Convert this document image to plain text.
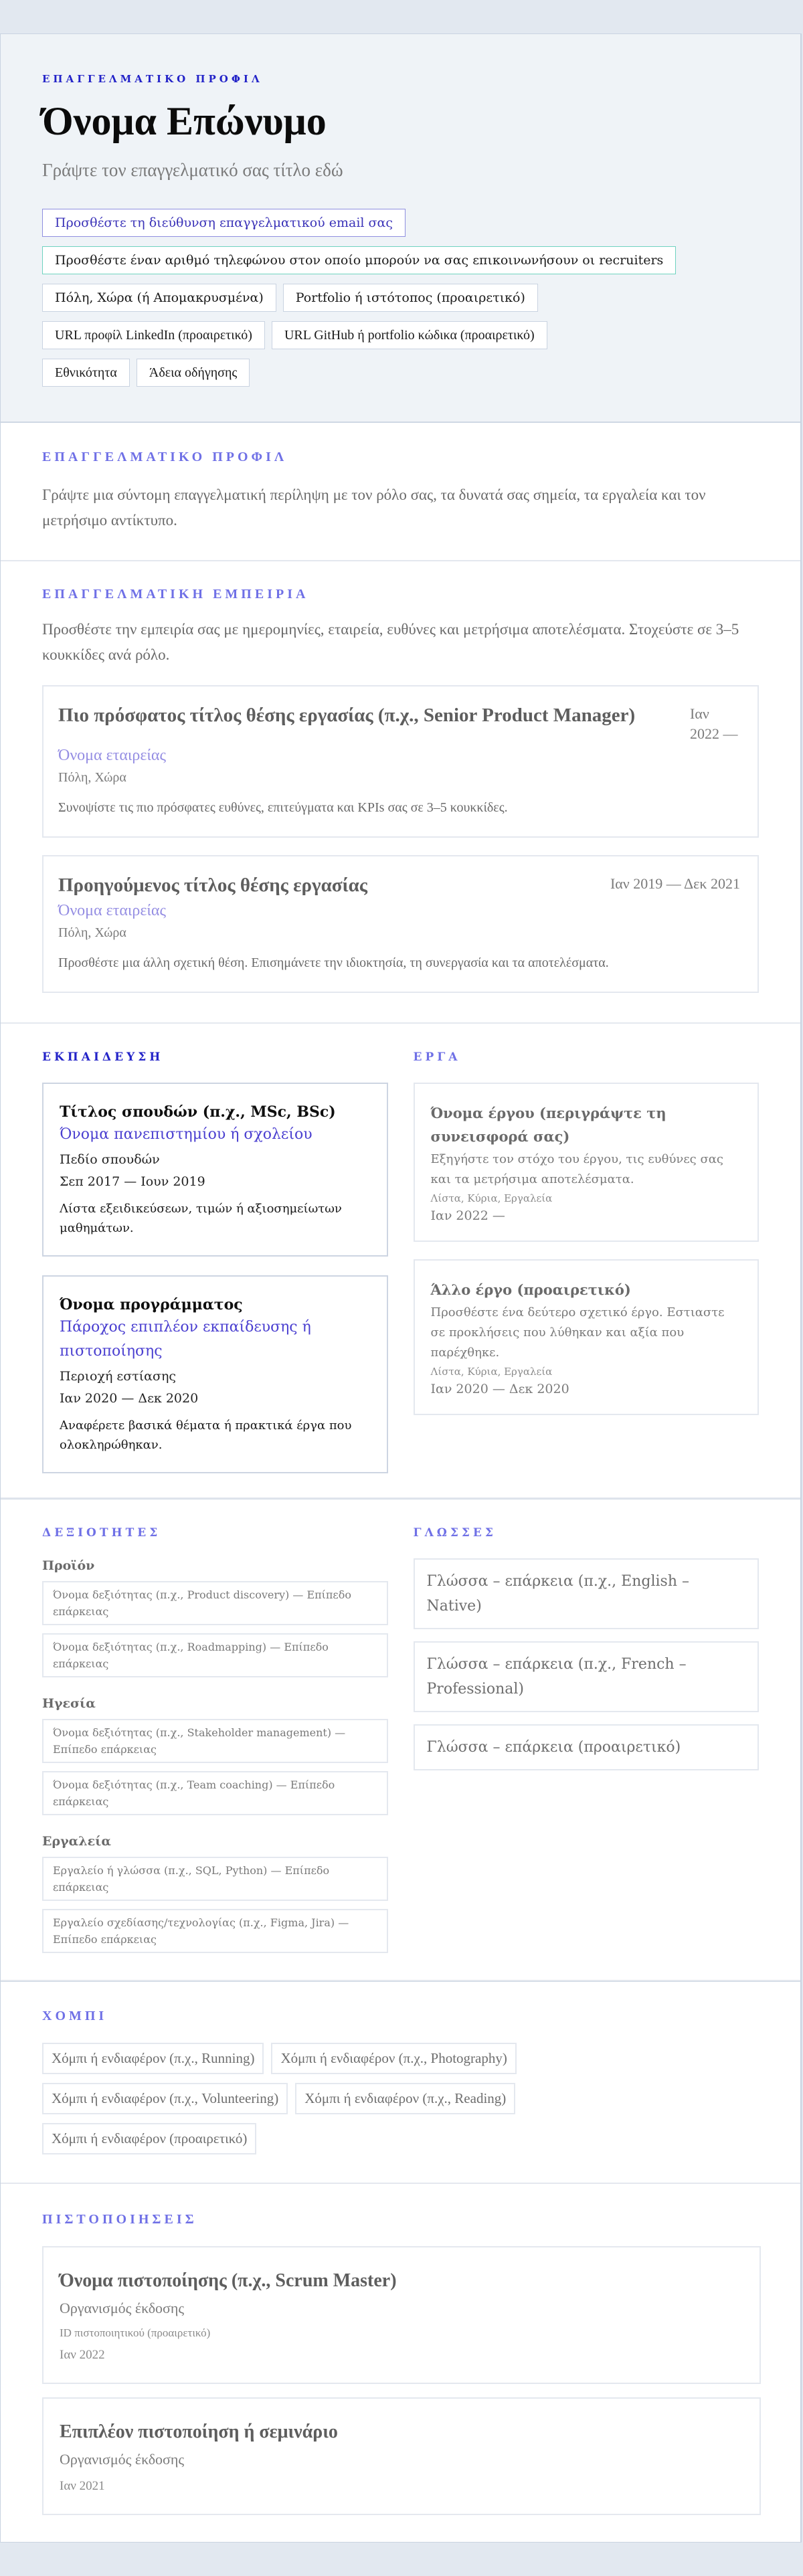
ΕΠΑΓΓΕΛΜΑΤΙΚΟ ΠΡΟΦΙΛ
Όνομα Επώνυμο
Γράψτε τον επαγγελματικό σας τίτλο εδώ
Προσθέστε τη διεύθυνση επαγγελματικού email σας
Προσθέστε έναν αριθμό τηλεφώνου στον οποίο μπορούν να σας επικοινωνήσουν οι recruiters
Πόλη, Χώρα (ή Απομακρυσμένα)	Portfolio ή ιστότοπος (προαιρετικό)
URL προφίλ LinkedIn (προαιρετικό)	URL GitHub ή portfolio κώδικα (προαιρετικό)
Εθνικότητα	Άδεια οδήγησης
ΕΠΑΓΓΕΛΜΑΤΙΚΟ ΠΡΟΦΙΛ

Γράψτε μια σύντομη επαγγελματική περίληψη με τον ρόλο σας, τα δυνατά σας σημεία, τα εργαλεία και τον μετρήσιμο αντίκτυπο.

ΕΠΑΓΓΕΛΜΑΤΙΚΗ ΕΜΠΕΙΡΙΑ

Προσθέστε την εμπειρία σας με ημερομηνίες, εταιρεία, ευθύνες και μετρήσιμα αποτελέσματα. Στοχεύστε σε 3–5 κουκκίδες ανά ρόλο.

Πιο πρόσφατος τίτλος θέσης εργασίας (π.χ., Senior Product Manager)	Ιαν 2022 —
Όνομα εταιρείας
Πόλη, Χώρα
Συνοψίστε τις πιο πρόσφατες ευθύνες, επιτεύγματα και KPIs σας σε 3–5 κουκκίδες.
Προηγούμενος τίτλος θέσης εργασίας	Ιαν 2019 — Δεκ 2021
Όνομα εταιρείας
Πόλη, Χώρα
Προσθέστε μια άλλη σχετική θέση. Επισημάνετε την ιδιοκτησία, τη συνεργασία και τα αποτελέσματα.
ΕΚΠΑΙΔΕΥΣΗ
Τίτλος σπουδών (π.χ., MSc, BSc)
Όνομα πανεπιστημίου ή σχολείου
Πεδίο σπουδών
Σεπ 2017 — Ιουν 2019
Λίστα εξειδικεύσεων, τιμών ή αξιοσημείωτων μαθημάτων.
Όνομα προγράμματος
Πάροχος επιπλέον εκπαίδευσης ή πιστοποίησης
Περιοχή εστίασης
Ιαν 2020 — Δεκ 2020
Αναφέρετε βασικά θέματα ή πρακτικά έργα που ολοκληρώθηκαν.
ΕΡΓΑ
Όνομα έργου (περιγράψτε τη συνεισφορά σας)
Εξηγήστε τον στόχο του έργου, τις ευθύνες σας και τα μετρήσιμα αποτελέσματα.
Λίστα, Κύρια, Εργαλεία
Ιαν 2022 —
Άλλο έργο (προαιρετικό)
Προσθέστε ένα δεύτερο σχετικό έργο. Εστιαστε σε προκλήσεις που λύθηκαν και αξία που παρέχθηκε.
Λίστα, Κύρια, Εργαλεία
Ιαν 2020 — Δεκ 2020
ΔΕΞΙΟΤΗΤΕΣ
Προϊόν
Όνομα δεξιότητας (π.χ., Product discovery) — Επίπεδο επάρκειας
Όνομα δεξιότητας (π.χ., Roadmapping) — Επίπεδο επάρκειας
Ηγεσία
Όνομα δεξιότητας (π.χ., Stakeholder management) — Επίπεδο επάρκειας
Όνομα δεξιότητας (π.χ., Team coaching) — Επίπεδο επάρκειας
Εργαλεία
Εργαλείο ή γλώσσα (π.χ., SQL, Python) — Επίπεδο επάρκειας
Εργαλείο σχεδίασης/τεχνολογίας (π.χ., Figma, Jira) — Επίπεδο επάρκειας
ΓΛΩΣΣΕΣ
Γλώσσα – επάρκεια (π.χ., English – Native)
Γλώσσα – επάρκεια (π.χ., French – Professional)
Γλώσσα – επάρκεια (προαιρετικό)
ΧΟΜΠΙ
Χόμπι ή ενδιαφέρον (π.χ., Running)	Χόμπι ή ενδιαφέρον (π.χ., Photography)
Χόμπι ή ενδιαφέρον (π.χ., Volunteering)	Χόμπι ή ενδιαφέρον (π.χ., Reading)
Χόμπι ή ενδιαφέρον (προαιρετικό)
ΠΙΣΤΟΠΟΙΗΣΕΙΣ
Όνομα πιστοποίησης (π.χ., Scrum Master)
Οργανισμός έκδοσης
ID πιστοποιητικού (προαιρετικό)
Ιαν 2022
Επιπλέον πιστοποίηση ή σεμινάριο
Οργανισμός έκδοσης
Ιαν 2021
